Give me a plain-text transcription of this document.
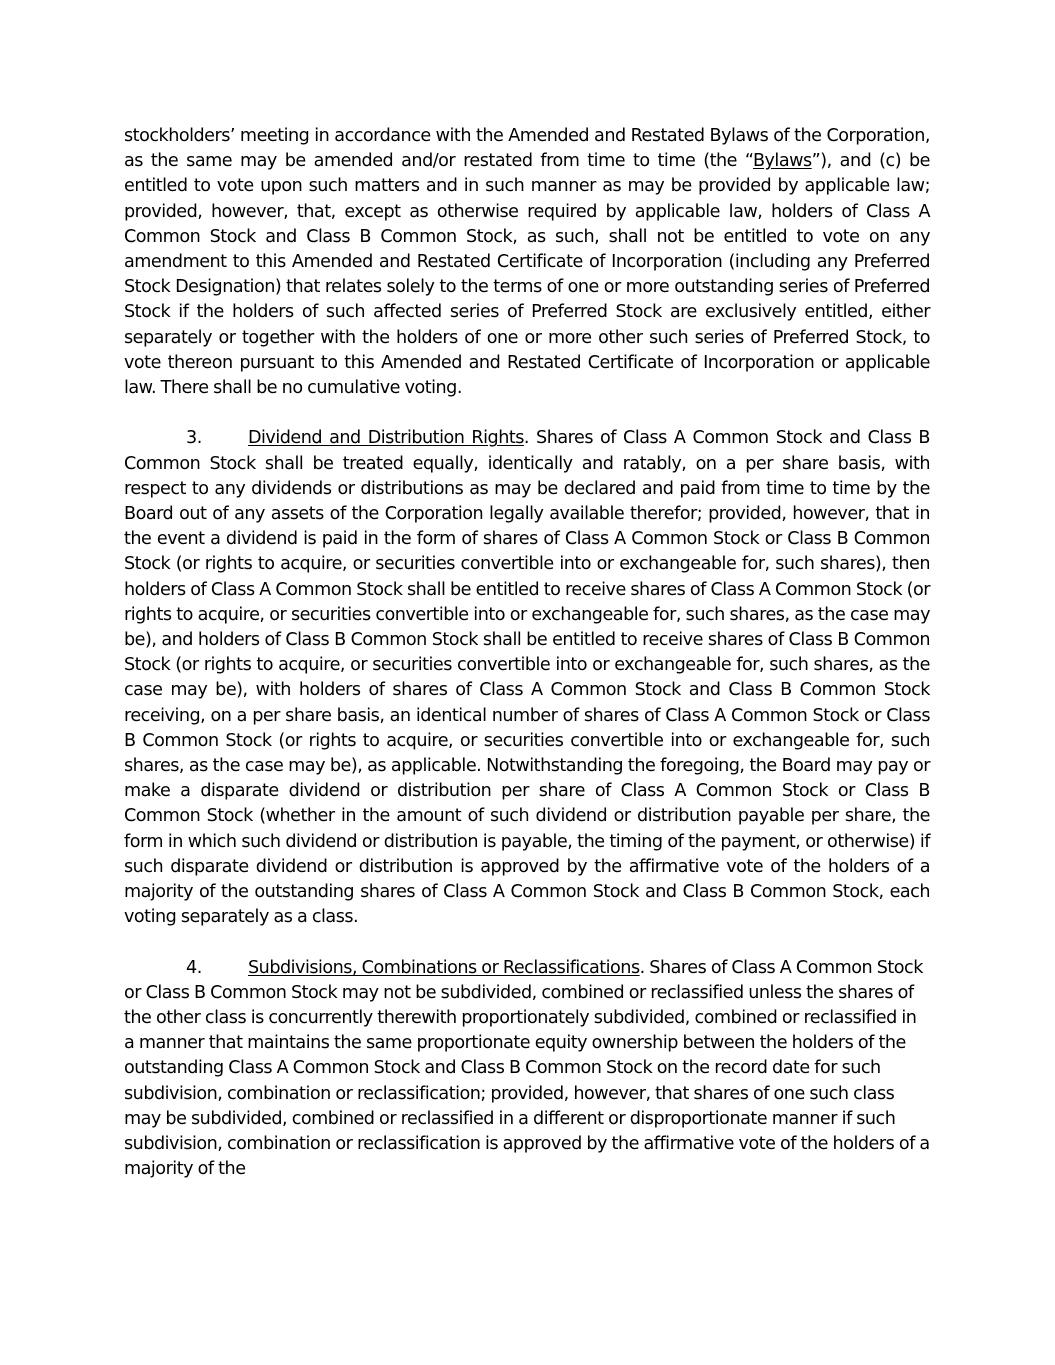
stockholders’ meeting in accordance with the Amended and Restated Bylaws of the Corporation, as the same may be amended and/or restated from time to time (the “Bylaws”), and (c) be entitled to vote upon such matters and in such manner as may be provided by applicable law; provided, however, that, except as otherwise required by applicable law, holders of Class A Common Stock and Class B Common Stock, as such, shall not be entitled to vote on any amendment to this Amended and Restated Certificate of Incorporation (including any Preferred Stock Designation) that relates solely to the terms of one or more outstanding series of Preferred Stock if the holders of such affected series of Preferred Stock are exclusively entitled, either separately or together with the holders of one or more other such series of Preferred Stock, to vote thereon pursuant to this Amended and Restated Certificate of Incorporation or applicable law. There shall be no cumulative voting.

3.	Dividend and Distribution Rights. Shares of Class A Common Stock and Class B Common Stock shall be treated equally, identically and ratably, on a per share basis, with respect to any dividends or distributions as may be declared and paid from time to time by the Board out of any assets of the Corporation legally available therefor; provided, however, that in the event a dividend is paid in the form of shares of Class A Common Stock or Class B Common Stock (or rights to acquire, or securities convertible into or exchangeable for, such shares), then holders of Class A Common Stock shall be entitled to receive shares of Class A Common Stock (or rights to acquire, or securities convertible into or exchangeable for, such shares, as the case may be), and holders of Class B Common Stock shall be entitled to receive shares of Class B Common Stock (or rights to acquire, or securities convertible into or exchangeable for, such shares, as the case may be), with holders of shares of Class A Common Stock and Class B Common Stock receiving, on a per share basis, an identical number of shares of Class A Common Stock or Class B Common Stock (or rights to acquire, or securities convertible into or exchangeable for, such shares, as the case may be), as applicable. Notwithstanding the foregoing, the Board may pay or make a disparate dividend or distribution per share of Class A Common Stock or Class B Common Stock (whether in the amount of such dividend or distribution payable per share, the form in which such dividend or distribution is payable, the timing of the payment, or otherwise) if such disparate dividend or distribution is approved by the affirmative vote of the holders of a majority of the outstanding shares of Class A Common Stock and Class B Common Stock, each voting separately as a class.

4.	Subdivisions, Combinations or Reclassifications. Shares of Class A Common Stock or Class B Common Stock may not be subdivided, combined or reclassified unless the shares of the other class is concurrently therewith proportionately subdivided, combined or reclassified in a manner that maintains the same proportionate equity ownership between the holders of the outstanding Class A Common Stock and Class B Common Stock on the record date for such subdivision, combination or reclassification; provided, however, that shares of one such class may be subdivided, combined or reclassified in a different or disproportionate manner if such subdivision, combination or reclassification is approved by the affirmative vote of the holders of a majority of the
